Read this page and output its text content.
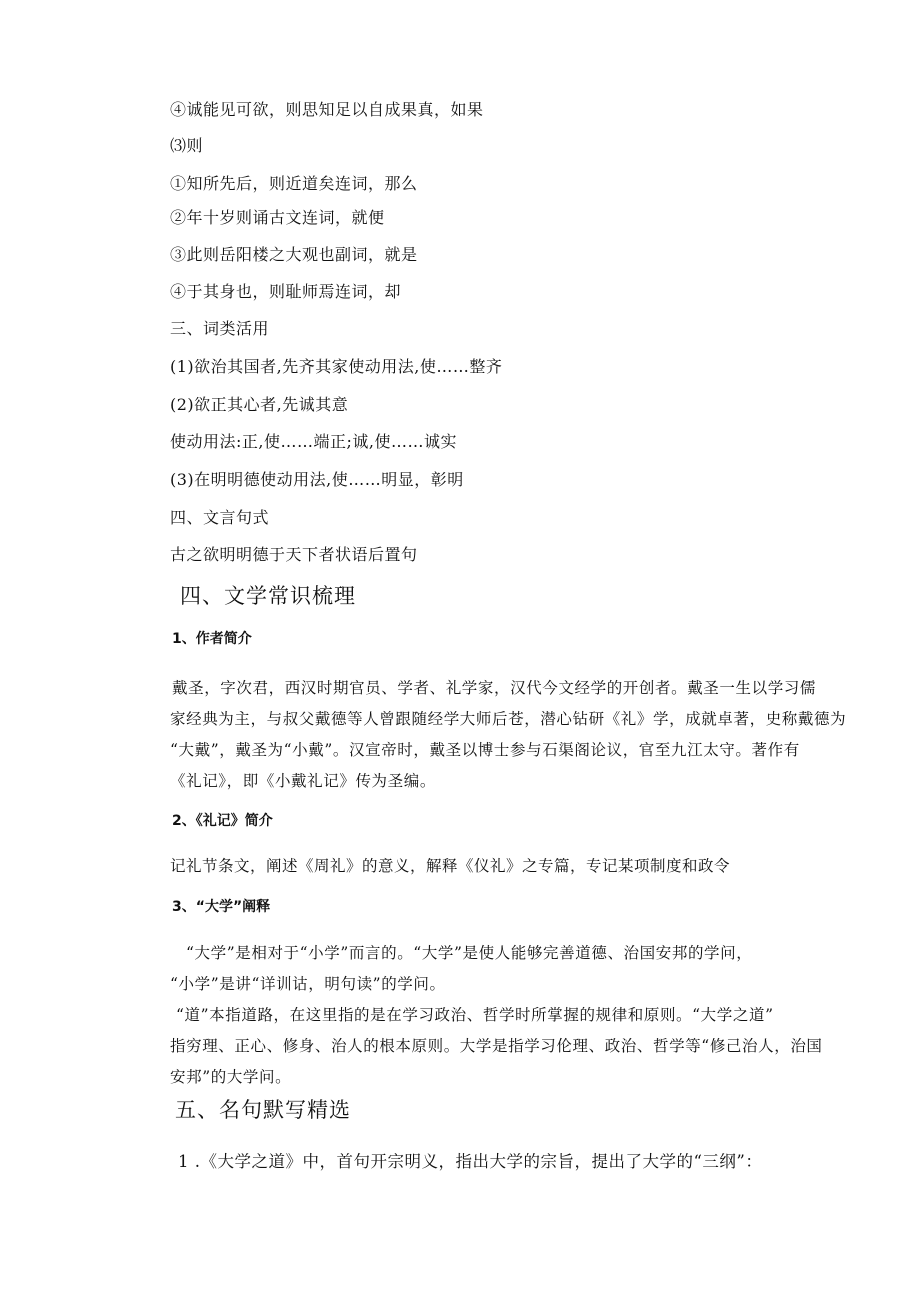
④诚能见可欲，则思知足以自成果真，如果
⑶则
①知所先后，则近道矣连词，那么
②年十岁则诵古文连词，就便
③此则岳阳楼之大观也副词，就是
④于其身也，则耻师焉连词，却
三、词类活用
(1)欲治其国者,先齐其家使动用法,使……整齐
(2)欲正其心者,先诚其意
使动用法:正,使……端正;诚,使……诚实
(3)在明明德使动用法,使……明显，彰明
四、文言句式
古之欲明明德于天下者状语后置句
四、文学常识梳理
1、作者简介
戴圣，字次君，西汉时期官员、学者、礼学家，汉代今文经学的开创者。戴圣一生以学习儒
家经典为主，与叔父戴德等人曾跟随经学大师后苍，潜心钻研《礼》学，成就卓著，史称戴德为
“大戴”，戴圣为“小戴”。汉宣帝时，戴圣以博士参与石渠阁论议，官至九江太守。著作有
《礼记》，即《小戴礼记》传为圣编。
2、《礼记》简介
记礼节条文，阐述《周礼》的意义，解释《仪礼》之专篇，专记某项制度和政令
3、“大学”阐释
“大学”是相对于“小学”而言的。“大学”是使人能够完善道德、治国安邦的学问，
“小学”是讲“详训诂，明句读”的学问。
“道”本指道路，在这里指的是在学习政治、哲学时所掌握的规律和原则。“大学之道”
指穷理、正心、修身、治人的根本原则。大学是指学习伦理、政治、哲学等“修己治人，治国
安邦”的大学问。
五、名句默写精选
1 .《大学之道》中，首句开宗明义，指出大学的宗旨，提出了大学的“三纲”：
